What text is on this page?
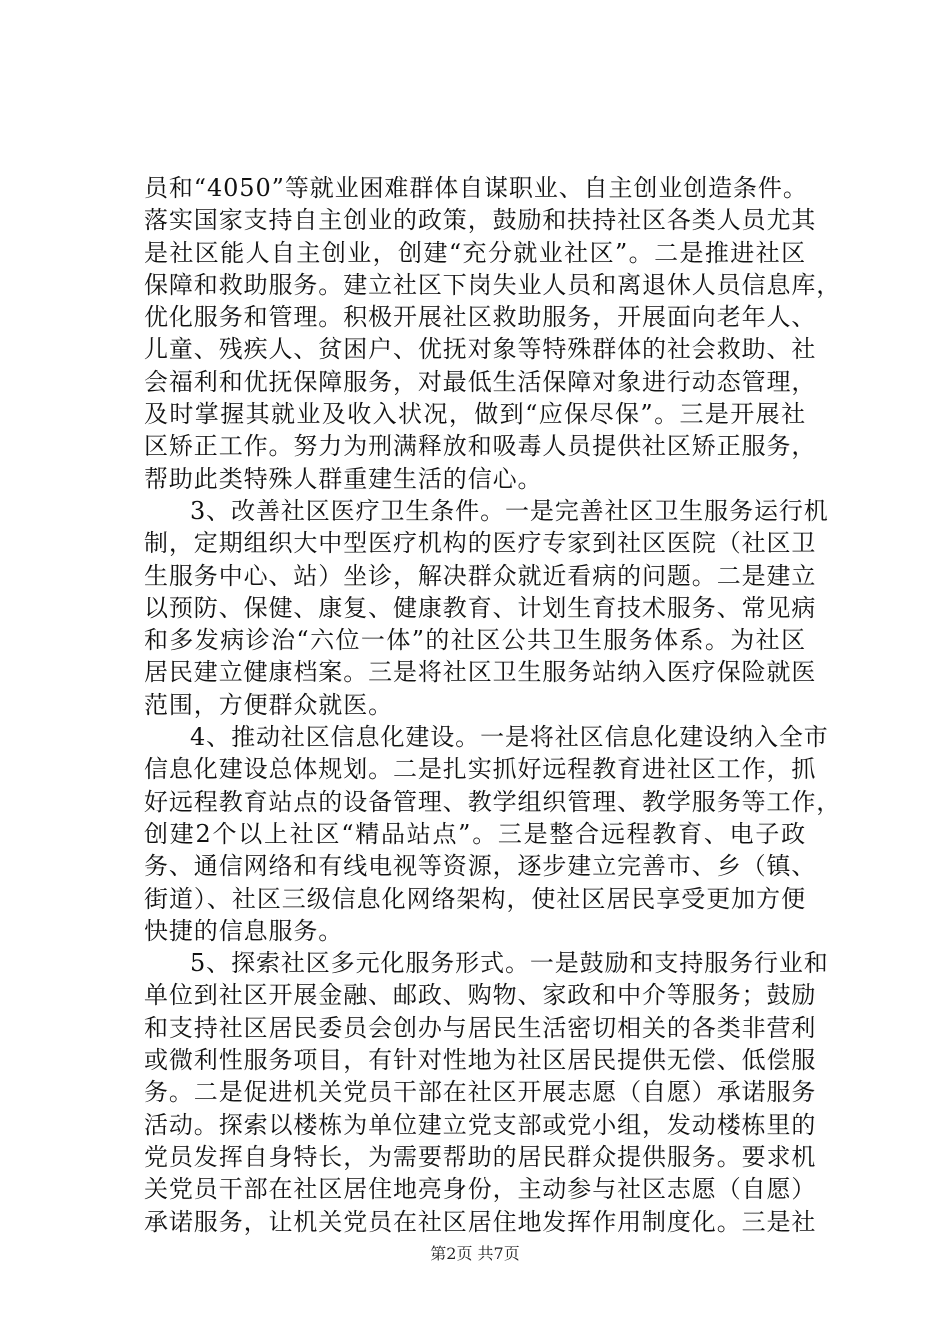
员和“4050”等就业困难群体自谋职业、自主创业创造条件。
落实国家支持自主创业的政策，鼓励和扶持社区各类人员尤其
是社区能人自主创业，创建“充分就业社区”。二是推进社区
保障和救助服务。建立社区下岗失业人员和离退休人员信息库，
优化服务和管理。积极开展社区救助服务，开展面向老年人、
儿童、残疾人、贫困户、优抚对象等特殊群体的社会救助、社
会福利和优抚保障服务，对最低生活保障对象进行动态管理，
及时掌握其就业及收入状况，做到“应保尽保”。三是开展社
区矫正工作。努力为刑满释放和吸毒人员提供社区矫正服务，
帮助此类特殊人群重建生活的信心。
3、改善社区医疗卫生条件。一是完善社区卫生服务运行机
制，定期组织大中型医疗机构的医疗专家到社区医院（社区卫
生服务中心、站）坐诊，解决群众就近看病的问题。二是建立
以预防、保健、康复、健康教育、计划生育技术服务、常见病
和多发病诊治“六位一体”的社区公共卫生服务体系。为社区
居民建立健康档案。三是将社区卫生服务站纳入医疗保险就医
范围，方便群众就医。
4、推动社区信息化建设。一是将社区信息化建设纳入全市
信息化建设总体规划。二是扎实抓好远程教育进社区工作，抓
好远程教育站点的设备管理、教学组织管理、教学服务等工作，
创建2个以上社区“精品站点”。三是整合远程教育、电子政
务、通信网络和有线电视等资源，逐步建立完善市、乡（镇、
街道）、社区三级信息化网络架构，使社区居民享受更加方便
快捷的信息服务。
5、探索社区多元化服务形式。一是鼓励和支持服务行业和
单位到社区开展金融、邮政、购物、家政和中介等服务；鼓励
和支持社区居民委员会创办与居民生活密切相关的各类非营利
或微利性服务项目，有针对性地为社区居民提供无偿、低偿服
务。二是促进机关党员干部在社区开展志愿（自愿）承诺服务
活动。探索以楼栋为单位建立党支部或党小组，发动楼栋里的
党员发挥自身特长，为需要帮助的居民群众提供服务。要求机
关党员干部在社区居住地亮身份，主动参与社区志愿（自愿）
承诺服务，让机关党员在社区居住地发挥作用制度化。三是社
第2页 共7页
